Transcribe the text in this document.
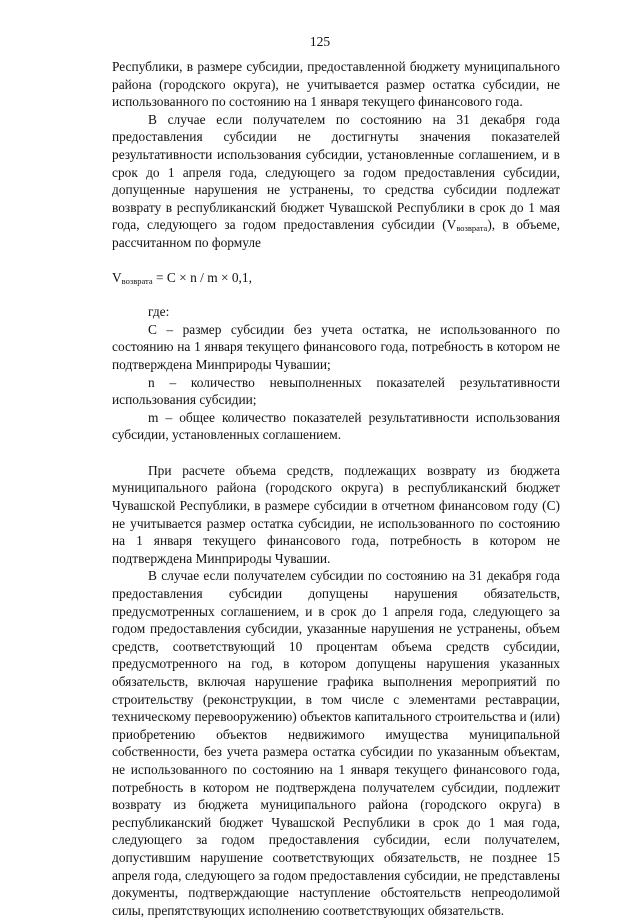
125

Республики, в размере субсидии, предоставленной бюджету муниципального района (городского округа), не учитывается размер остатка субсидии, не использованного по состоянию на 1 января текущего финансового года.

В случае если получателем по состоянию на 31 декабря года предоставления субсидии не достигнуты значения показателей результативности использования субсидии, установленные соглашением, и в срок до 1 апреля года, следующего за годом предоставления субсидии, допущенные нарушения не устранены, то средства субсидии подлежат возврату в республиканский бюджет Чувашской Республики в срок до 1 мая года, следующего за годом предоставления субсидии $(V_{возврата})$, в объеме, рассчитанном по формуле

$V_{возврата} = C \times n / m \times 0,1$,

где:

C – размер субсидии без учета остатка, не использованного по состоянию на 1 января текущего финансового года, потребность в котором не подтверждена Минприроды Чувашии;

n – количество невыполненных показателей результативности использования субсидии;

m – общее количество показателей результативности использования субсидии, установленных соглашением.

При расчете объема средств, подлежащих возврату из бюджета муниципального района (городского округа) в республиканский бюджет Чувашской Республики, в размере субсидии в отчетном финансовом году (C) не учитывается размер остатка субсидии, не использованного по состоянию на 1 января текущего финансового года, потребность в котором не подтверждена Минприроды Чувашии.

В случае если получателем субсидии по состоянию на 31 декабря года предоставления субсидии допущены нарушения обязательств, предусмотренных соглашением, и в срок до 1 апреля года, следующего за годом предоставления субсидии, указанные нарушения не устранены, объем средств, соответствующий 10 процентам объема средств субсидии, предусмотренного на год, в котором допущены нарушения указанных обязательств, включая нарушение графика выполнения мероприятий по строительству (реконструкции, в том числе с элементами реставрации, техническому перевооружению) объектов капитального строительства и (или) приобретению объектов недвижимого имущества муниципальной собственности, без учета размера остатка субсидии по указанным объектам, не использованного по состоянию на 1 января текущего финансового года, потребность в котором не подтверждена получателем субсидии, подлежит возврату из бюджета муниципального района (городского округа) в республиканский бюджет Чувашской Республики в срок до 1 мая года, следующего за годом предоставления субсидии, если получателем, допустившим нарушение соответствующих обязательств, не позднее 15 апреля года, следующего за годом предоставления субсидии, не представлены документы, подтверждающие наступление обстоятельств непреодолимой силы, препятствующих исполнению соответствующих обязательств.
